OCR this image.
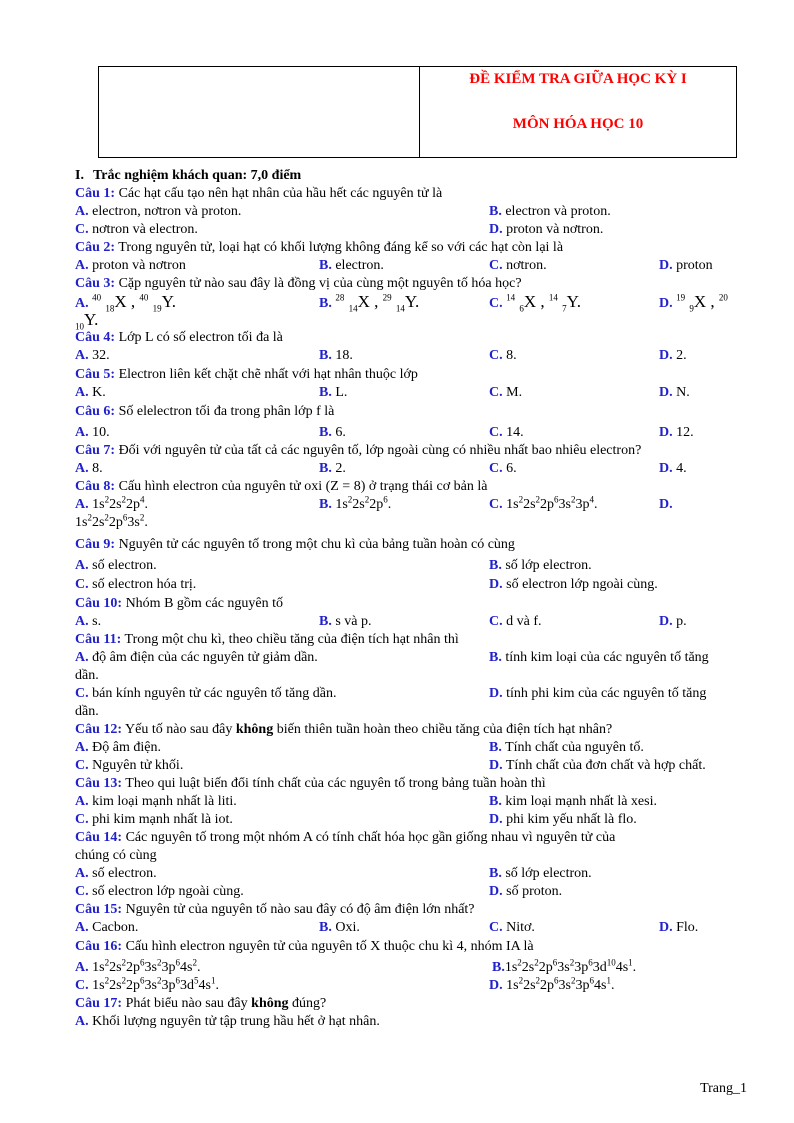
ĐỀ KIỂM TRA GIỮA HỌC KỲ I
MÔN HÓA HỌC 10
I. Trắc nghiệm khách quan: 7,0 điểm
Câu 1: Các hạt cấu tạo nên hạt nhân của hầu hết các nguyên tử là
A. electron, nơtron và proton.	B. electron và proton.
C. nơtron và electron.	D. proton và nơtron.
Câu 2: Trong nguyên tử, loại hạt có khối lượng không đáng kể so với các hạt còn lại là
A. proton và nơtron	B. electron.	C. nơtron.	D. proton
Câu 3: Cặp nguyên tử nào sau đây là đồng vị của cùng một nguyên tố hóa học?
A. $^{40}$ $_{18}$X , $^{40}$ $_{19}$Y.	B. $^{28}$ $_{14}$X , $^{29}$ $_{14}$Y.	C. $^{14}$ $_6$X , $^{14}$ $_7$Y.	D. $^{19}$ $_9$X , $^{20}$
$_{10}$Y.
Câu 4: Lớp L có số electron tối đa là
A. 32.	B. 18.	C. 8.	D. 2.
Câu 5: Electron liên kết chặt chẽ nhất với hạt nhân thuộc lớp
A. K.	B. L.	C. M.	D. N.
Câu 6: Số elelectron tối đa trong phân lớp f là
A. 10.	B. 6.	C. 14.	D. 12.
Câu 7: Đối với nguyên tử của tất cả các nguyên tố, lớp ngoài cùng có nhiều nhất bao nhiêu electron?
A. 8.	B. 2.	C. 6.	D. 4.
Câu 8: Cấu hình electron của nguyên tử oxi (Z = 8) ở trạng thái cơ bản là
A. $1s^22s^22p^4$.	B. $1s^22s^22p^6$.	C. $1s^22s^22p^63s^23p^4$.	D.
$1s^22s^22p^63s^2$.
Câu 9: Nguyên tử các nguyên tố trong một chu kì của bảng tuần hoàn có cùng
A. số electron.	B. số lớp electron.
C. số electron hóa trị.	D. số electron lớp ngoài cùng.
Câu 10: Nhóm B gồm các nguyên tố
A. s.	B. s và p.	C. d và f.	D. p.
Câu 11: Trong một chu kì, theo chiều tăng của điện tích hạt nhân thì
A. độ âm điện của các nguyên tử giảm dần.	B. tính kim loại của các nguyên tố tăng
dần.
C. bán kính nguyên tử các nguyên tố tăng dần.	D. tính phi kim của các nguyên tố tăng
dần.
Câu 12: Yếu tố nào sau đây không biến thiên tuần hoàn theo chiều tăng của điện tích hạt nhân?
A. Độ âm điện.	B. Tính chất của nguyên tố.
C. Nguyên tử khối.	D. Tính chất của đơn chất và hợp chất.
Câu 13: Theo qui luật biến đổi tính chất của các nguyên tố trong bảng tuần hoàn thì
A. kim loại mạnh nhất là liti.	B. kim loại mạnh nhất là xesi.
C. phi kim mạnh nhất là iot.	D. phi kim yếu nhất là flo.
Câu 14: Các nguyên tố trong một nhóm A có tính chất hóa học gần giống nhau vì nguyên tử của
chúng có cùng
A. số electron.	B. số lớp electron.
C. số electron lớp ngoài cùng.	D. số proton.
Câu 15: Nguyên tử của nguyên tố nào sau đây có độ âm điện lớn nhất?
A. Cacbon.	B. Oxi.	C. Nitơ.	D. Flo.
Câu 16: Cấu hình electron nguyên tử của nguyên tố X thuộc chu kì 4, nhóm IA là
A. $1s^22s^22p^63s^23p^64s^2$.	$B.1s^22s^22p^63s^23p^63d^{10}4s^1$.
C. $1s^22s^22p^63s^23p^63d^54s^1$.	D. $1s^22s^22p^63s^23p^64s^1$.
Câu 17: Phát biểu nào sau đây không đúng?
A. Khối lượng nguyên tử tập trung hầu hết ở hạt nhân.
Trang_1
